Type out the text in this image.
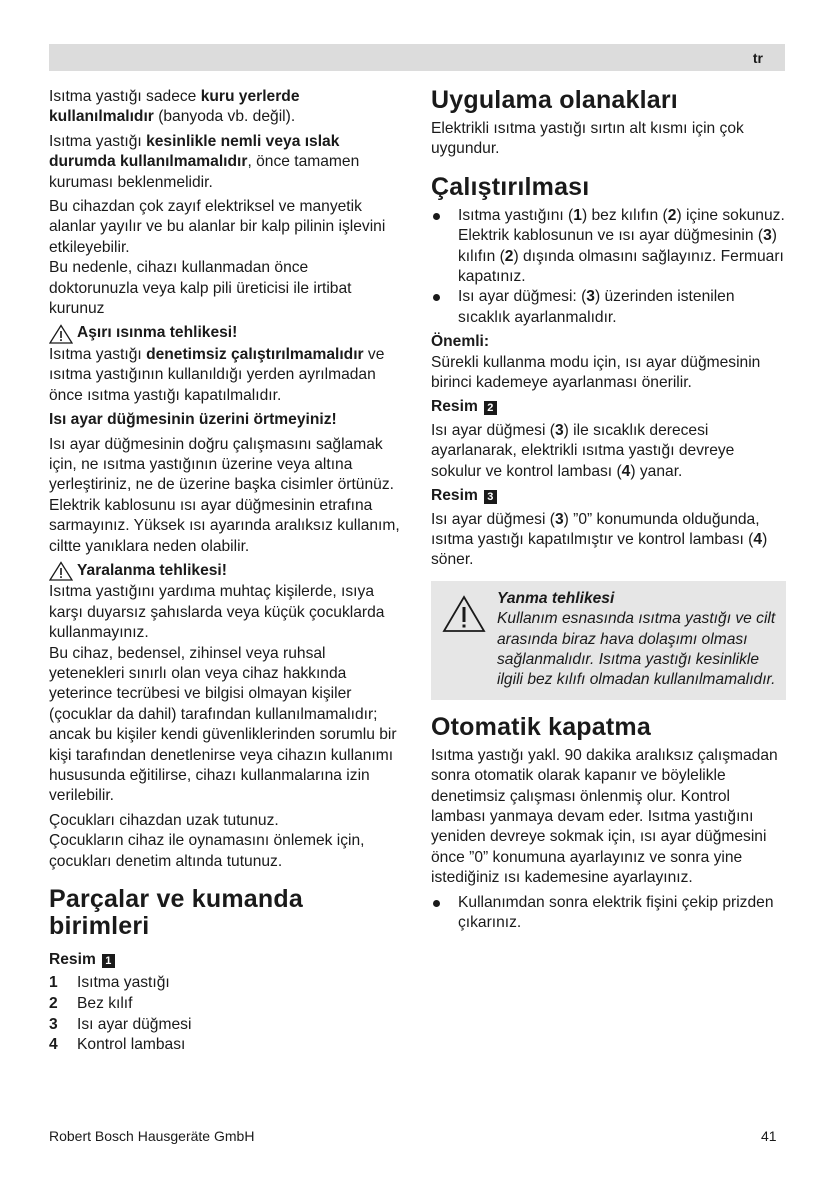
tr

Isıtma yastığı sadece kuru yerlerde kullanılmalıdır (banyoda vb. değil).

Isıtma yastığı kesinlikle nemli veya ıslak durumda kullanılmamalıdır, önce tamamen kuruması beklenmelidir.

Bu cihazdan çok zayıf elektriksel ve manyetik alanlar yayılır ve bu alanlar bir kalp pilinin işlevini etkileyebilir.

Bu nedenle, cihazı kullanmadan önce doktorunuzla veya kalp pili üreticisi ile irtibat kurunuz

Aşırı ısınma tehlikesi!

Isıtma yastığı denetimsiz çalıştırılmamalıdır ve ısıtma yastığının kullanıldığı yerden ayrılmadan önce ısıtma yastığı kapatılmalıdır.

Isı ayar düğmesinin üzerini örtmeyiniz!

Isı ayar düğmesinin doğru çalışmasını sağlamak için, ne ısıtma yastığının üzerine veya altına yerleştiriniz, ne de üzerine başka cisimler örtünüz. Elektrik kablosunu ısı ayar düğmesinin etrafına sarmayınız. Yüksek ısı ayarında aralıksız kullanım, ciltte yanıklara neden olabilir.

Yaralanma tehlikesi!

Isıtma yastığını yardıma muhtaç kişilerde, ısıya karşı duyarsız şahıslarda veya küçük çocuklarda kullanmayınız.

Bu cihaz, bedensel, zihinsel veya ruhsal yetenekleri sınırlı olan veya cihaz hakkında yeterince tecrübesi ve bilgisi olmayan kişiler (çocuklar da dahil) tarafından kullanılmamalıdır; ancak bu kişiler kendi güvenliklerinden sorumlu bir kişi tarafından denetlenirse veya cihazın kullanımı hususunda eğitilirse, cihazı kullanmalarına izin verilebilir.

Çocukları cihazdan uzak tutunuz.

Çocukların cihaz ile oynamasını önlemek için, çocukları denetim altında tutunuz.

Parçalar ve kumanda birimleri
Resim 1
1	Isıtma yastığı
2	Bez kılıf
3	Isı ayar düğmesi
4	Kontrol lambası
Uygulama olanakları

Elektrikli ısıtma yastığı sırtın alt kısmı için çok uygundur.

Çalıştırılması
Isıtma yastığını (1) bez kılıfın (2) içine sokunuz. Elektrik kablosunun ve ısı ayar düğmesinin (3) kılıfın (2) dışında olmasını sağlayınız. Fermuarı kapatınız.
Isı ayar düğmesi: (3) üzerinden istenilen sıcaklık ayarlanmalıdır.

Önemli:

Sürekli kullanma modu için, ısı ayar düğmesinin birinci kademeye ayarlanması önerilir.

Resim 2

Isı ayar düğmesi (3) ile sıcaklık derecesi ayarlanarak, elektrikli ısıtma yastığı devreye sokulur ve kontrol lambası (4) yanar.

Resim 3

Isı ayar düğmesi (3) ”0” konumunda olduğunda, ısıtma yastığı kapatılmıştır ve kontrol lambası (4) söner.

Yanma tehlikesi
Kullanım esnasında ısıtma yastığı ve cilt arasında biraz hava dolaşımı olması sağlanmalıdır. Isıtma yastığı kesinlikle ilgili bez kılıfı olmadan kullanılmamalıdır.
Otomatik kapatma

Isıtma yastığı yakl. 90 dakika aralıksız çalışmadan sonra otomatik olarak kapanır ve böylelikle denetimsiz çalışması önlenmiş olur. Kontrol lambası yanmaya devam eder. Isıtma yastığını yeniden devreye sokmak için, ısı ayar düğmesini önce ”0” konumuna ayarlayınız ve sonra yine istediğiniz ısı kademesine ayarlayınız.

Kullanımdan sonra elektrik fişini çekip prizden çıkarınız.
Robert Bosch Hausgeräte GmbH	41
